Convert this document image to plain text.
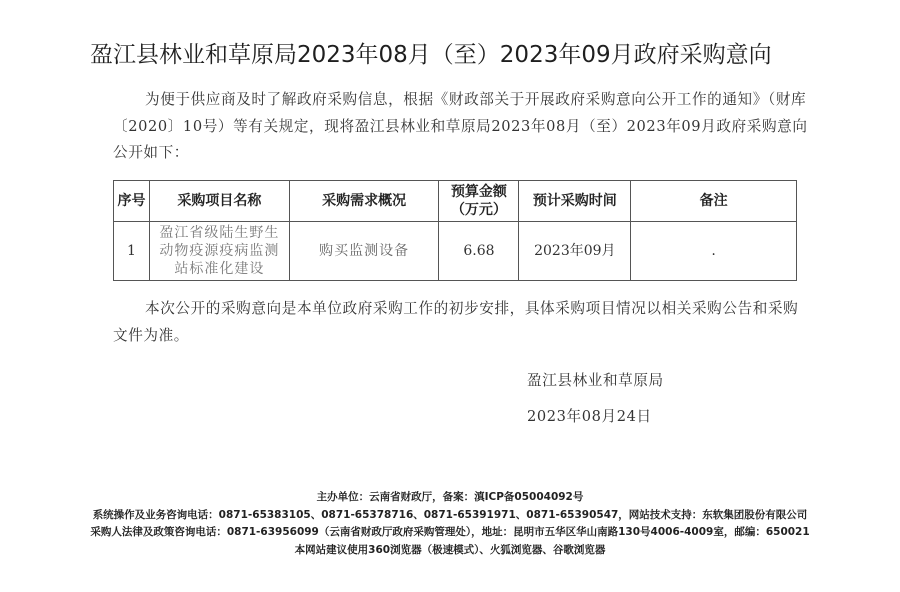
盈江县林业和草原局2023年08月（至）2023年09月政府采购意向
为便于供应商及时了解政府采购信息，根据《财政部关于开展政府采购意向公开工作的通知》（财库〔2020〕10号）等有关规定，现将盈江县林业和草原局2023年08月（至）2023年09月政府采购意向公开如下：
序号	采购项目名称	采购需求概况	预算金额（万元）	预计采购时间	备注
1	盈江省级陆生野生动物疫源疫病监测站标准化建设	购买监测设备	6.68	2023年09月	.
本次公开的采购意向是本单位政府采购工作的初步安排，具体采购项目情况以相关采购公告和采购文件为准。
盈江县林业和草原局
2023年08月24日
主办单位：云南省财政厅，备案：滇ICP备05004092号
系统操作及业务咨询电话：0871-65383105、0871-65378716、0871-65391971、0871-65390547，网站技术支持：东软集团股份有限公司
采购人法律及政策咨询电话：0871-63956099（云南省财政厅政府采购管理处），地址：昆明市五华区华山南路130号4006-4009室，邮编：650021
本网站建议使用360浏览器（极速模式）、火狐浏览器、谷歌浏览器
